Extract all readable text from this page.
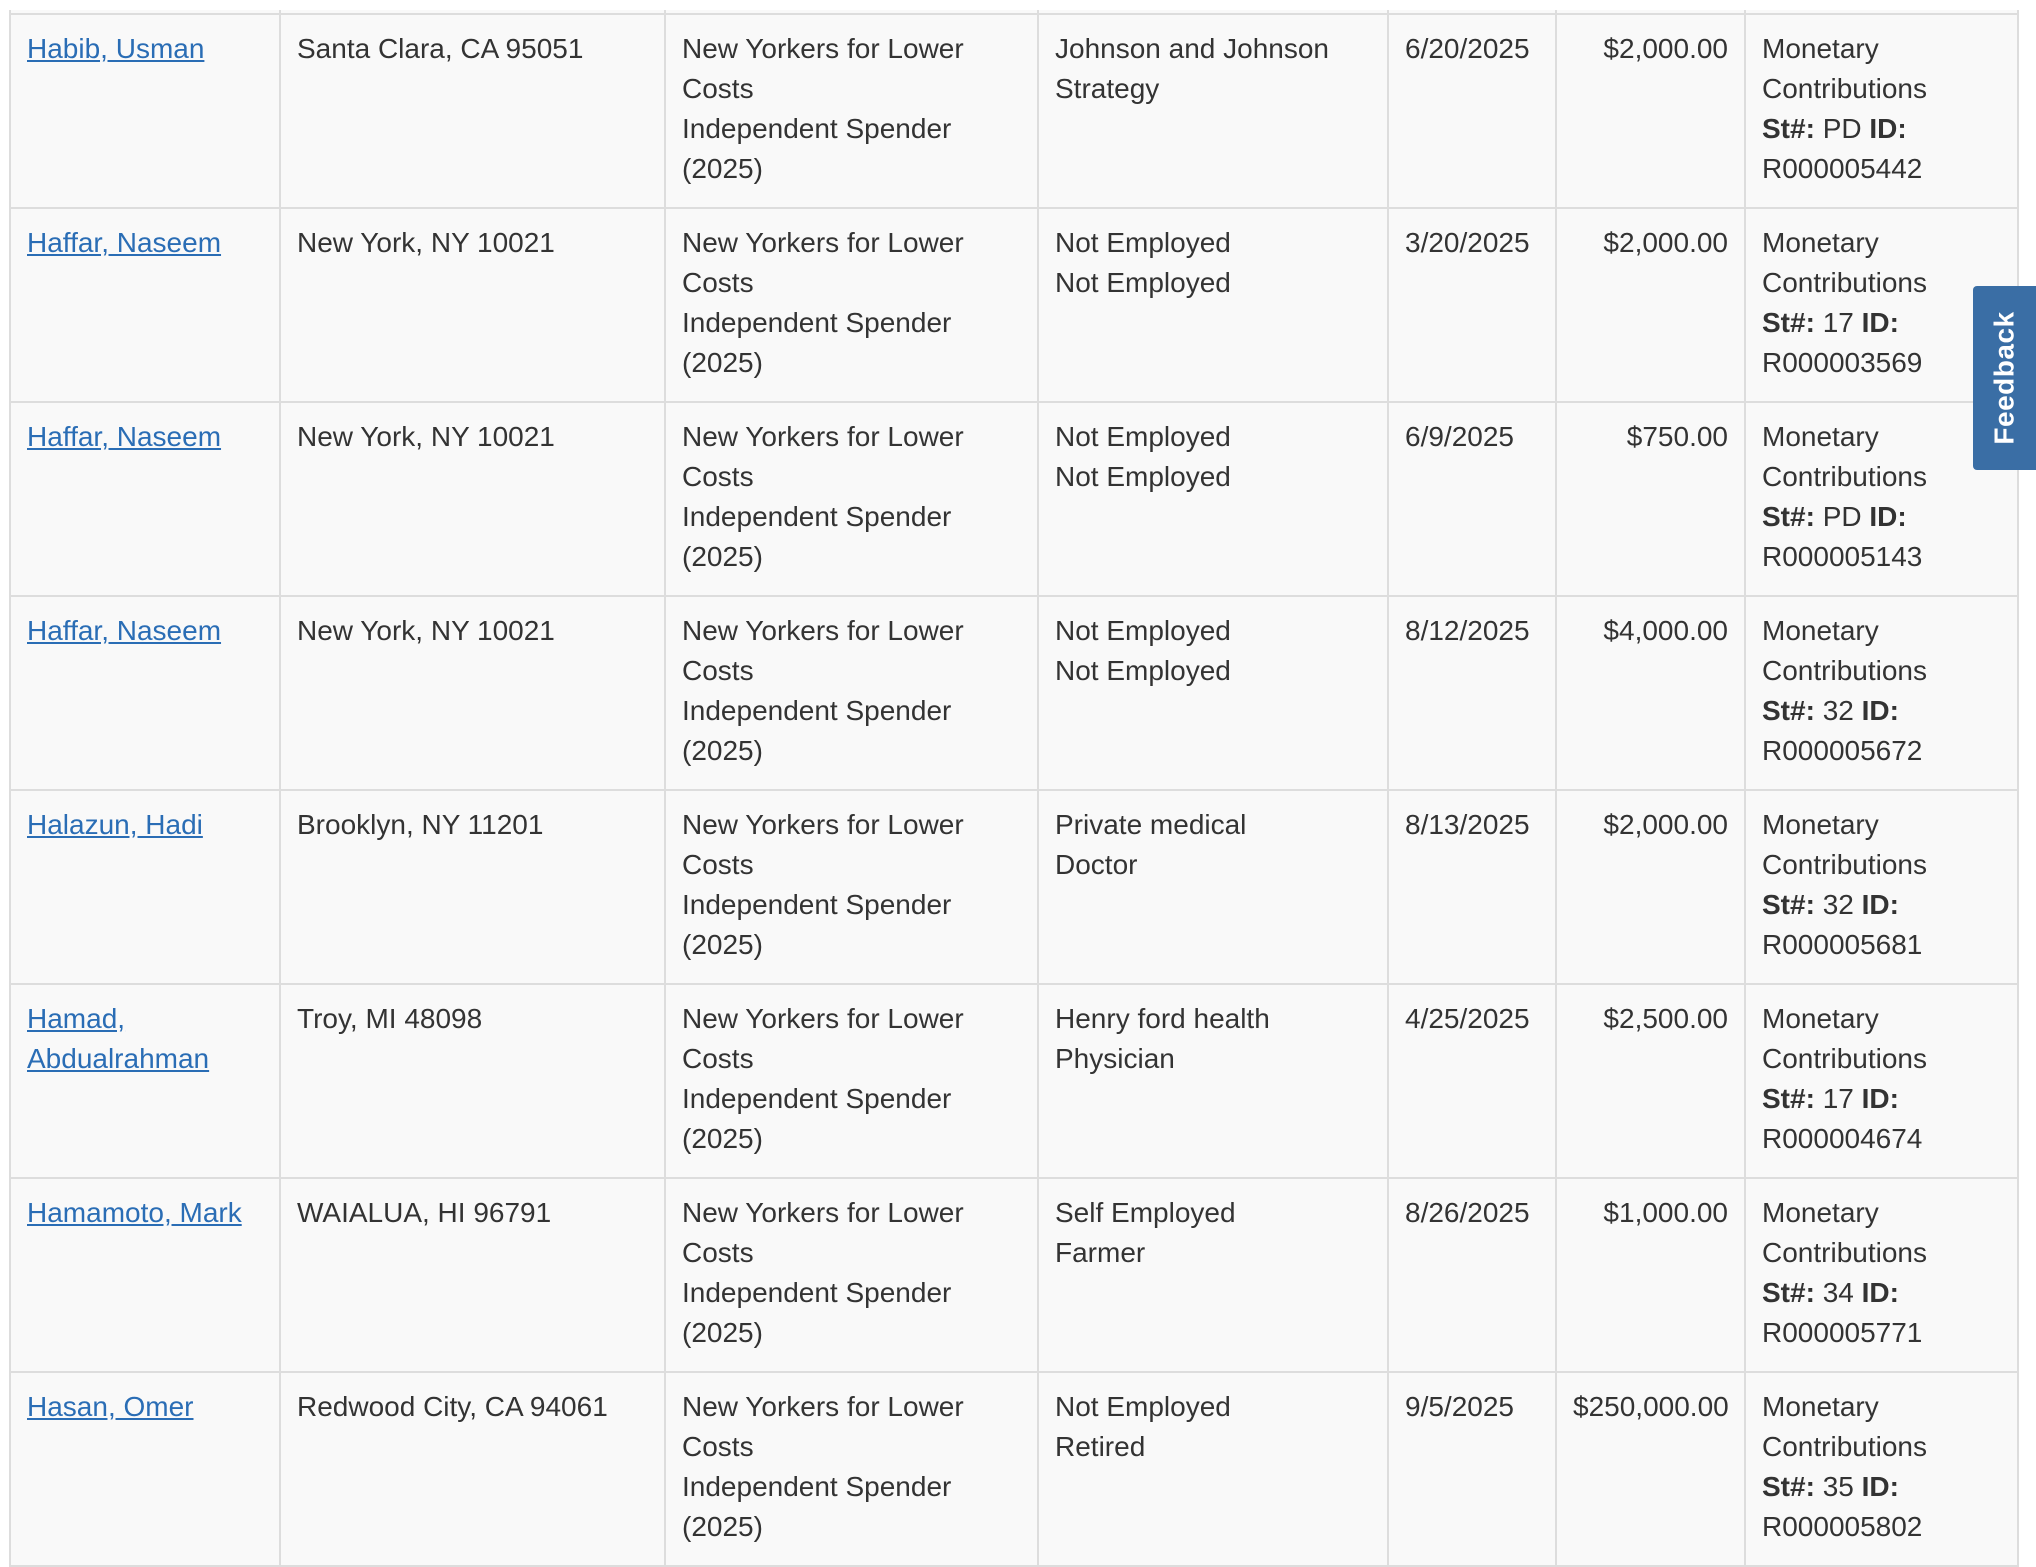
Habib, Usman	Santa Clara, CA 95051	New Yorkers for Lower
Costs
Independent Spender
(2025)	Johnson and Johnson
Strategy	6/20/2025	$2,000.00	Monetary
Contributions
St#: PD ID:
R000005442

Haffar, Naseem	New York, NY 10021	New Yorkers for Lower
Costs
Independent Spender
(2025)	Not Employed
Not Employed	3/20/2025	$2,000.00	Monetary
Contributions
St#: 17 ID:
R000003569

Haffar, Naseem	New York, NY 10021	New Yorkers for Lower
Costs
Independent Spender
(2025)	Not Employed
Not Employed	6/9/2025	$750.00	Monetary
Contributions
St#: PD ID:
R000005143

Haffar, Naseem	New York, NY 10021	New Yorkers for Lower
Costs
Independent Spender
(2025)	Not Employed
Not Employed	8/12/2025	$4,000.00	Monetary
Contributions
St#: 32 ID:
R000005672

Halazun, Hadi	Brooklyn, NY 11201	New Yorkers for Lower
Costs
Independent Spender
(2025)	Private medical
Doctor	8/13/2025	$2,000.00	Monetary
Contributions
St#: 32 ID:
R000005681

Hamad,
Abdualrahman	Troy, MI 48098	New Yorkers for Lower
Costs
Independent Spender
(2025)	Henry ford health
Physician	4/25/2025	$2,500.00	Monetary
Contributions
St#: 17 ID:
R000004674

Hamamoto, Mark	WAIALUA, HI 96791	New Yorkers for Lower
Costs
Independent Spender
(2025)	Self Employed
Farmer	8/26/2025	$1,000.00	Monetary
Contributions
St#: 34 ID:
R000005771

Hasan, Omer	Redwood City, CA 94061	New Yorkers for Lower
Costs
Independent Spender
(2025)	Not Employed
Retired	9/5/2025	$250,000.00	Monetary
Contributions
St#: 35 ID:
R000005802
Feedback
